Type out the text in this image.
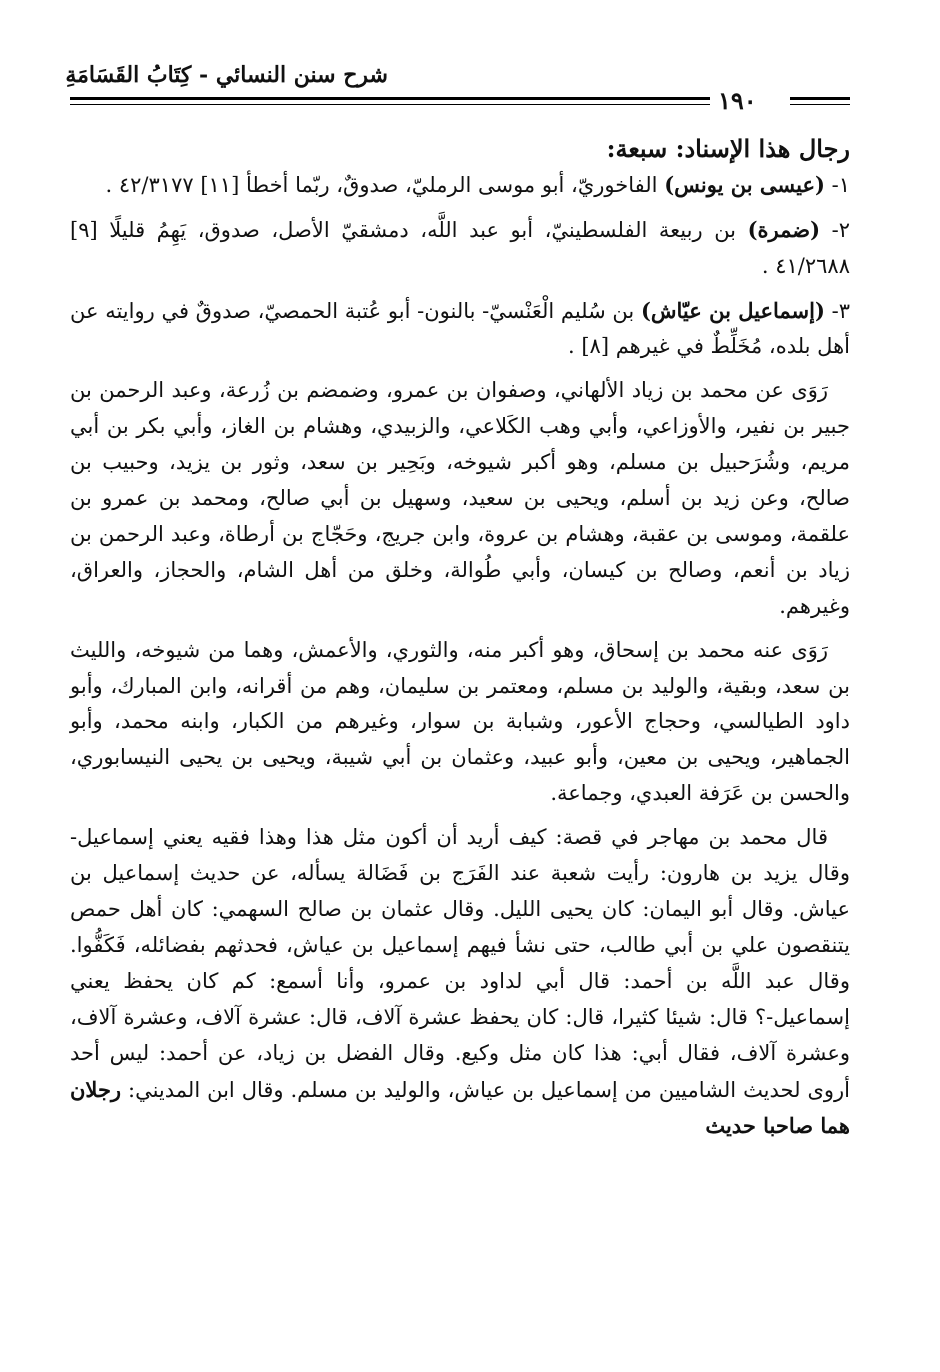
شرح سنن النسائي - كِتَابُ القَسَامَةِ
١٩٠
رجال هذا الإسناد: سبعة:

١- (عيسى بن يونس) الفاخوريّ، أبو موسى الرمليّ، صدوقٌ، ربّما أخطأ [١١] ٤٢/٣١٧٧ .

٢- (ضمرة) بن ربيعة الفلسطينيّ، أبو عبد اللَّه، دمشقيّ الأصل، صدوق، يَهِمُ قليلًا [٩] ٤١/٢٦٨٨ .

٣- (إسماعيل بن عيّاش) بن سُليم الْعَنْسيّ- بالنون- أبو عُتبة الحمصيّ، صدوقٌ في روايته عن أهل بلده، مُخَلِّطٌ في غيرهم [٨] .

رَوَى عن محمد بن زياد الألهاني، وصفوان بن عمرو، وضمضم بن زُرعة، وعبد الرحمن بن جبير بن نفير، والأوزاعي، وأبي وهب الكَلاعي، والزبيدي، وهشام بن الغاز، وأبي بكر بن أبي مريم، وشُرَحبيل بن مسلم، وهو أكبر شيوخه، وبَحِير بن سعد، وثور بن يزيد، وحبيب بن صالح، وعن زيد بن أسلم، ويحيى بن سعيد، وسهيل بن أبي صالح، ومحمد بن عمرو بن علقمة، وموسى بن عقبة، وهشام بن عروة، وابن جريج، وحَجّاج بن أرطاة، وعبد الرحمن بن زياد بن أنعم، وصالح بن كيسان، وأبي طُوالة، وخلق من أهل الشام، والحجاز، والعراق، وغيرهم.

رَوَى عنه محمد بن إسحاق، وهو أكبر منه، والثوري، والأعمش، وهما من شيوخه، والليث بن سعد، وبقية، والوليد بن مسلم، ومعتمر بن سليمان، وهم من أقرانه، وابن المبارك، وأبو داود الطيالسي، وحجاج الأعور، وشبابة بن سوار، وغيرهم من الكبار، وابنه محمد، وأبو الجماهير، ويحيى بن معين، وأبو عبيد، وعثمان بن أبي شيبة، ويحيى بن يحيى النيسابوري، والحسن بن عَرَفة العبدي، وجماعة.

قال محمد بن مهاجر في قصة: كيف أريد أن أكون مثل هذا وهذا فقيه يعني إسماعيل- وقال يزيد بن هارون: رأيت شعبة عند الفَرَج بن فَضَالة يسأله، عن حديث إسماعيل بن عياش. وقال أبو اليمان: كان يحيى الليل. وقال عثمان بن صالح السهمي: كان أهل حمص يتنقصون علي بن أبي طالب، حتى نشأ فيهم إسماعيل بن عياش، فحدثهم بفضائله، فَكَفُّوا. وقال عبد اللَّه بن أحمد: قال أبي لداود بن عمرو، وأنا أسمع: كم كان يحفظ يعني إسماعيل-؟ قال: شيئا كثيرا، قال: كان يحفظ عشرة آلاف، قال: عشرة آلاف، وعشرة آلاف، وعشرة آلاف، فقال أبي: هذا كان مثل وكيع. وقال الفضل بن زياد، عن أحمد: ليس أحد أروى لحديث الشاميين من إسماعيل بن عياش، والوليد بن مسلم. وقال ابن المديني: رجلان هما صاحبا حديث
